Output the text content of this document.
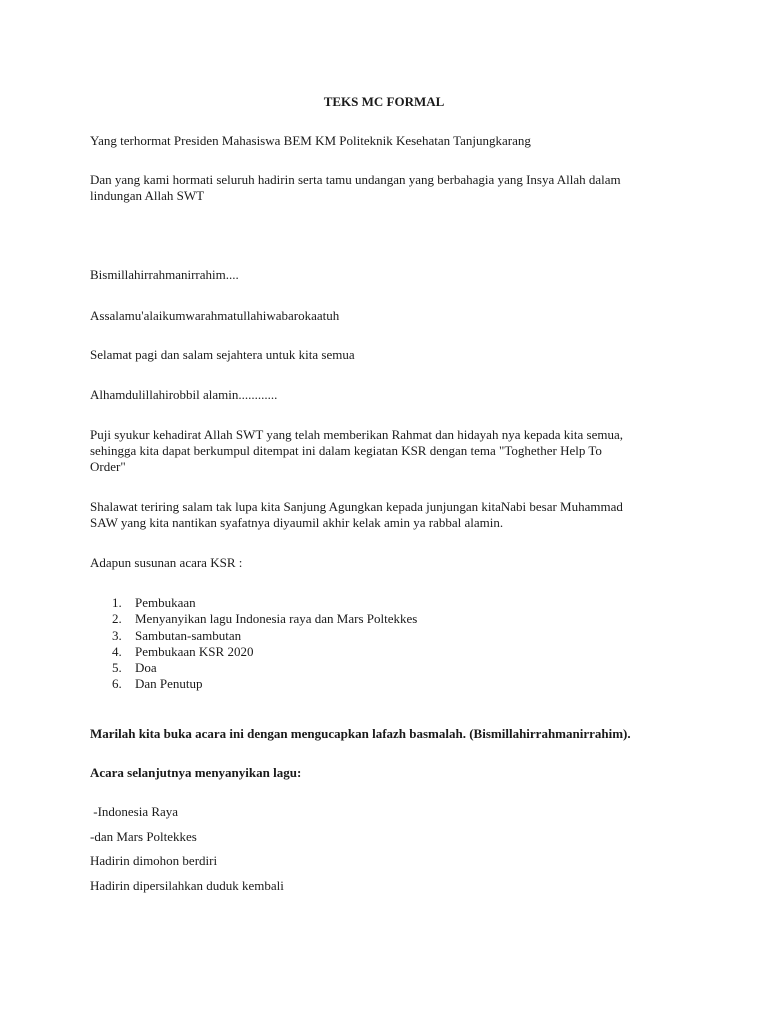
TEKS MC FORMAL

Yang terhormat Presiden Mahasiswa BEM KM Politeknik Kesehatan Tanjungkarang

Dan yang kami hormati seluruh hadirin serta tamu undangan yang berbahagia yang Insya Allah dalam
lindungan Allah SWT

Bismillahirrahmanirrahim....

Assalamu'alaikumwarahmatullahiwabarokaatuh

Selamat pagi dan salam sejahtera untuk kita semua

Alhamdulillahirobbil alamin............

Puji syukur kehadirat Allah SWT yang telah memberikan Rahmat dan hidayah nya kepada kita semua,
sehingga kita dapat berkumpul ditempat ini dalam kegiatan KSR dengan tema "Toghether Help To
Order"
Shalawat teriring salam tak lupa kita Sanjung Agungkan kepada junjungan kitaNabi besar Muhammad
SAW yang kita nantikan syafatnya diyaumil akhir kelak amin ya rabbal alamin.

Adapun susunan acara KSR :

1. Pembukaan
2. Menyanyikan lagu Indonesia raya dan Mars Poltekkes
3. Sambutan-sambutan
4. Pembukaan KSR 2020
5. Doa
6. Dan Penutup

Marilah kita buka acara ini dengan mengucapkan lafazh basmalah. (Bismillahirrahmanirrahim).

Acara selanjutnya menyanyikan lagu:

-Indonesia Raya

-dan Mars Poltekkes

Hadirin dimohon berdiri

Hadirin dipersilahkan duduk kembali
